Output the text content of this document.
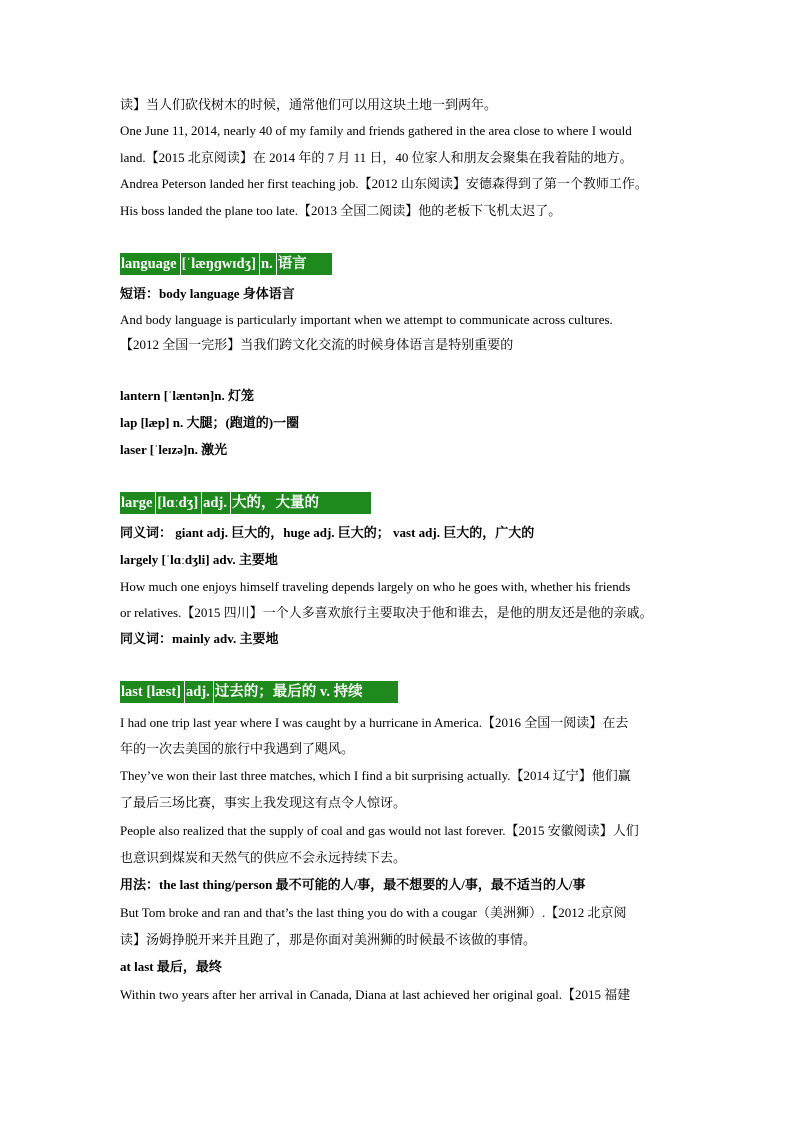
读】当人们砍伐树木的时候，通常他们可以用这块土地一到两年。
One June 11, 2014, nearly 40 of my family and friends gathered in the area close to where I would
land.【2015 北京阅读】在 2014 年的 7 月 11 日，40 位家人和朋友会聚集在我着陆的地方。
Andrea Peterson landed her first teaching job.【2012 山东阅读】安德森得到了第一个教师工作。
His boss landed the plane too late.【2013 全国二阅读】他的老板下飞机太迟了。
language [ˈlæŋɡwɪdʒ] n. 语言
短语：body language 身体语言
And body language is particularly important when we attempt to communicate across cultures.
【2012 全国一完形】当我们跨文化交流的时候身体语言是特别重要的
lantern [ˈlæntən]n. 灯笼
lap [læp] n. 大腿；(跑道的)一圈
laser [ˈleɪzə]n. 激光
large [lɑːdʒ] adj. 大的，大量的
同义词： giant adj. 巨大的，huge adj. 巨大的； vast adj. 巨大的，广大的
largely [ˈlɑːdʒli] adv. 主要地
How much one enjoys himself traveling depends largely on who he goes with, whether his friends
or relatives.【2015 四川】一个人多喜欢旅行主要取决于他和谁去，是他的朋友还是他的亲戚。
同义词：mainly adv. 主要地
last [læst] adj. 过去的；最后的 v. 持续
I had one trip last year where I was caught by a hurricane in America.【2016 全国一阅读】在去
年的一次去美国的旅行中我遇到了飓风。
They’ve won their last three matches, which I find a bit surprising actually.【2014 辽宁】他们赢
了最后三场比赛，事实上我发现这有点令人惊讶。
People also realized that the supply of coal and gas would not last forever.【2015 安徽阅读】人们
也意识到煤炭和天然气的供应不会永远持续下去。
用法：the last thing/person 最不可能的人/事，最不想要的人/事，最不适当的人/事
But Tom broke and ran and that’s the last thing you do with a cougar（美洲狮）.【2012 北京阅
读】汤姆挣脱开来并且跑了，那是你面对美洲狮的时候最不该做的事情。
at last 最后，最终
Within two years after her arrival in Canada, Diana at last achieved her original goal.【2015 福建
